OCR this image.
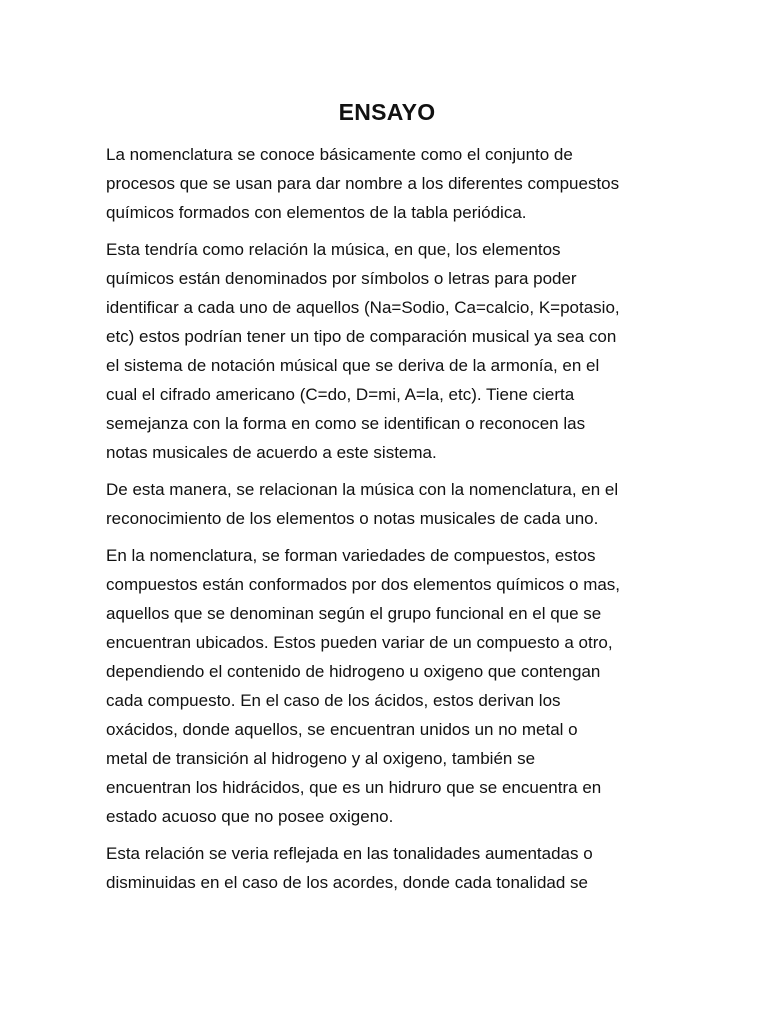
ENSAYO
La nomenclatura se conoce básicamente como el conjunto de
procesos que se usan para dar nombre a los diferentes compuestos
químicos formados con elementos de la tabla periódica.
Esta tendría como relación la música, en que, los elementos
químicos están denominados por símbolos o letras para poder
identificar a cada uno de aquellos (Na=Sodio, Ca=calcio, K=potasio,
etc) estos podrían tener un tipo de comparación musical ya sea con
el sistema de notación músical que se deriva de la armonía, en el
cual el cifrado americano (C=do, D=mi, A=la, etc). Tiene cierta
semejanza con la forma en como se identifican o reconocen las
notas musicales de acuerdo a este sistema.
De esta manera, se relacionan la música con la nomenclatura, en el
reconocimiento de los elementos o notas musicales de cada uno.
En la nomenclatura, se forman variedades de compuestos, estos
compuestos están conformados por dos elementos químicos o mas,
aquellos que se denominan según el grupo funcional en el que se
encuentran ubicados. Estos pueden variar de un compuesto a otro,
dependiendo el contenido de hidrogeno u oxigeno que contengan
cada compuesto. En el caso de los ácidos, estos derivan los
oxácidos, donde aquellos, se encuentran unidos un no metal o
metal de transición al hidrogeno y al oxigeno, también se
encuentran los hidrácidos, que es un hidruro que se encuentra en
estado acuoso que no posee oxigeno.
Esta relación se veria reflejada en las tonalidades aumentadas o
disminuidas en el caso de los acordes, donde cada tonalidad se
